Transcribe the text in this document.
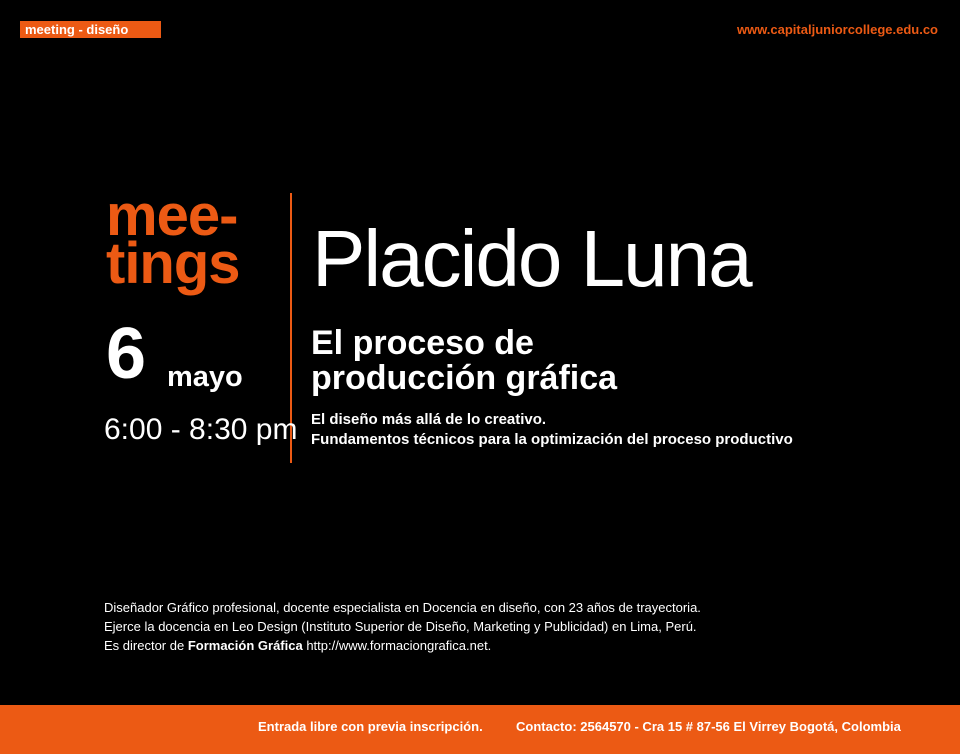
meeting - diseño	www.capitaljuniorcollege.edu.co
mee-
tings
6 mayo
6:00 - 8:30 pm
Placido Luna
El proceso de
producción gráfica
El diseño más allá de lo creativo.
Fundamentos técnicos para la optimización del proceso productivo
Diseñador Gráfico profesional, docente especialista en Docencia en diseño, con 23 años de trayectoria.
Ejerce la docencia en Leo Design (Instituto Superior de Diseño, Marketing y Publicidad) en Lima, Perú.
Es director de Formación Gráfica http://www.formaciongrafica.net.
Entrada libre con previa inscripción.	Contacto: 2564570 - Cra 15 # 87-56 El Virrey Bogotá, Colombia
